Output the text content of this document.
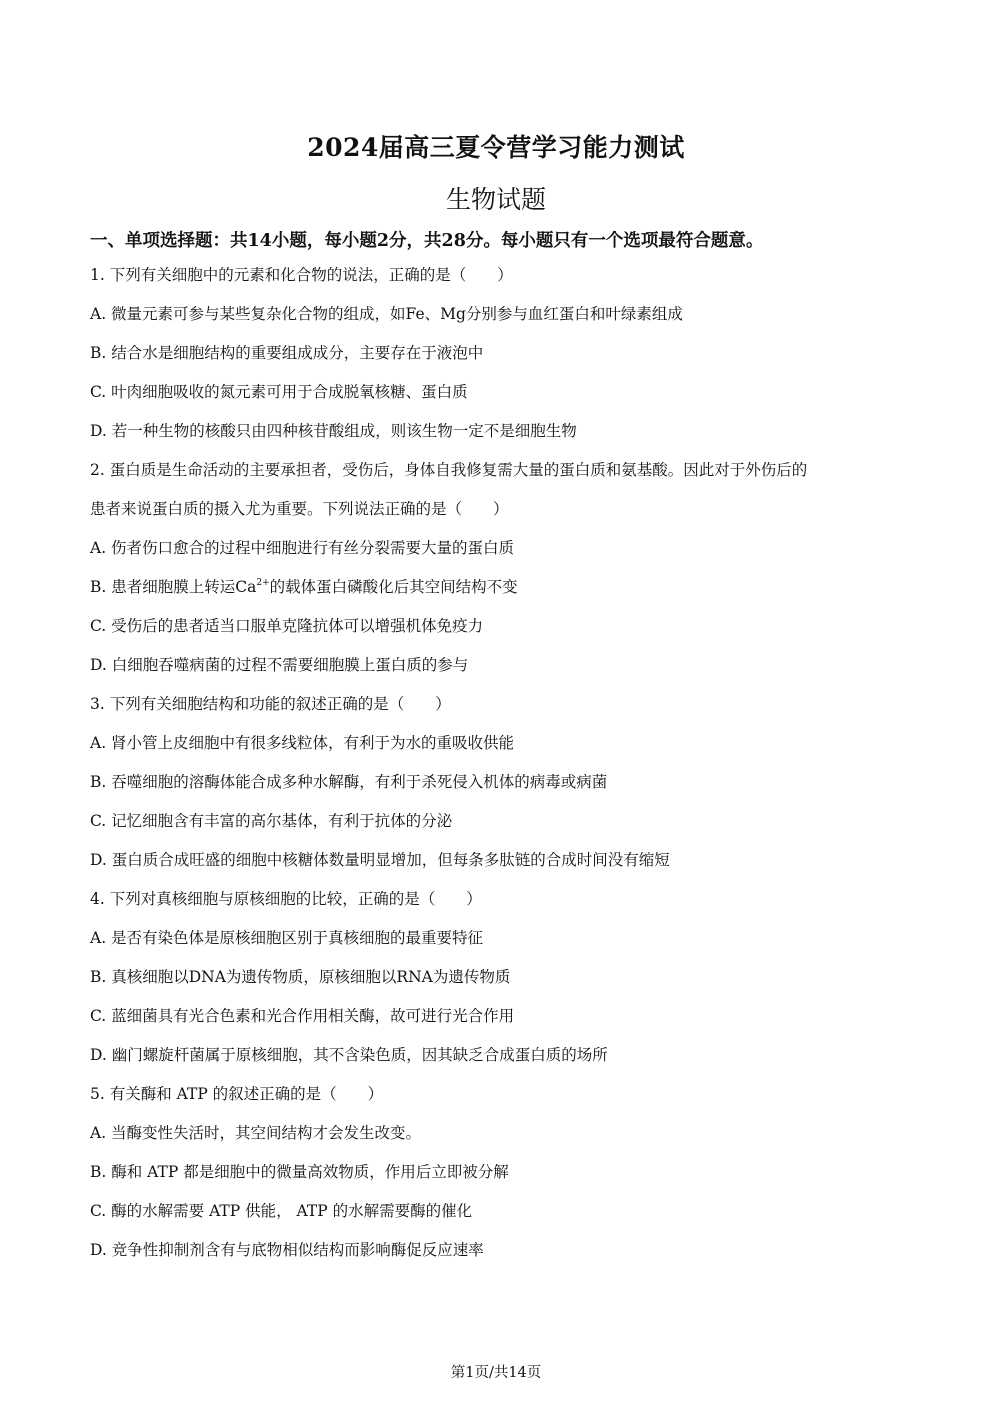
2024届高三夏令营学习能力测试
生物试题
一、单项选择题：共14小题，每小题2分，共28分。每小题只有一个选项最符合题意。
1. 下列有关细胞中的元素和化合物的说法，正确的是（　　）
A. 微量元素可参与某些复杂化合物的组成，如Fe、Mg分别参与血红蛋白和叶绿素组成
B. 结合水是细胞结构的重要组成成分，主要存在于液泡中
C. 叶肉细胞吸收的氮元素可用于合成脱氧核糖、蛋白质
D. 若一种生物的核酸只由四种核苷酸组成，则该生物一定不是细胞生物
2. 蛋白质是生命活动的主要承担者，受伤后，身体自我修复需大量的蛋白质和氨基酸。因此对于外伤后的
患者来说蛋白质的摄入尤为重要。下列说法正确的是（　　）
A. 伤者伤口愈合的过程中细胞进行有丝分裂需要大量的蛋白质
B. 患者细胞膜上转运$Ca^{2+}$的载体蛋白磷酸化后其空间结构不变
C. 受伤后的患者适当口服单克隆抗体可以增强机体免疫力
D. 白细胞吞噬病菌的过程不需要细胞膜上蛋白质的参与
3. 下列有关细胞结构和功能的叙述正确的是（　　）
A. 肾小管上皮细胞中有很多线粒体，有利于为水的重吸收供能
B. 吞噬细胞的溶酶体能合成多种水解酶，有利于杀死侵入机体的病毒或病菌
C. 记忆细胞含有丰富的高尔基体，有利于抗体的分泌
D. 蛋白质合成旺盛的细胞中核糖体数量明显增加，但每条多肽链的合成时间没有缩短
4. 下列对真核细胞与原核细胞的比较，正确的是（　　）
A. 是否有染色体是原核细胞区别于真核细胞的最重要特征
B. 真核细胞以DNA为遗传物质，原核细胞以RNA为遗传物质
C. 蓝细菌具有光合色素和光合作用相关酶，故可进行光合作用
D. 幽门螺旋杆菌属于原核细胞，其不含染色质，因其缺乏合成蛋白质的场所
5. 有关酶和 ATP 的叙述正确的是（　　）
A. 当酶变性失活时，其空间结构才会发生改变。
B. 酶和 ATP 都是细胞中的微量高效物质，作用后立即被分解
C. 酶的水解需要 ATP 供能， ATP 的水解需要酶的催化
D. 竞争性抑制剂含有与底物相似结构而影响酶促反应速率
第1页/共14页
